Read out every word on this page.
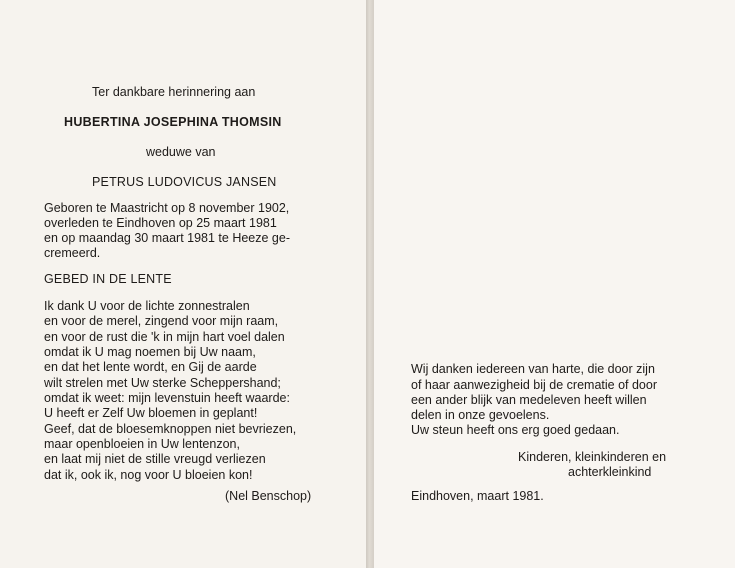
Ter dankbare herinnering aan
HUBERTINA JOSEPHINA THOMSIN
weduwe van
PETRUS LUDOVICUS JANSEN
Geboren te Maastricht op 8 november 1902,
overleden te Eindhoven op 25 maart 1981
en op maandag 30 maart 1981 te Heeze ge-
cremeerd.
GEBED IN DE LENTE
Ik dank U voor de lichte zonnestralen
en voor de merel, zingend voor mijn raam,
en voor de rust die 'k in mijn hart voel dalen
omdat ik U mag noemen bij Uw naam,
en dat het lente wordt, en Gij de aarde
wilt strelen met Uw sterke Scheppershand;
omdat ik weet: mijn levenstuin heeft waarde:
U heeft er Zelf Uw bloemen in geplant!
Geef, dat de bloesemknoppen niet bevriezen,
maar openbloeien in Uw lentenzon,
en laat mij niet de stille vreugd verliezen
dat ik, ook ik, nog voor U bloeien kon!
(Nel Benschop)
Wij danken iedereen van harte, die door zijn
of haar aanwezigheid bij de crematie of door
een ander blijk van medeleven heeft willen
delen in onze gevoelens.
Uw steun heeft ons erg goed gedaan.
Kinderen, kleinkinderen en
achterkleinkind
Eindhoven, maart 1981.
